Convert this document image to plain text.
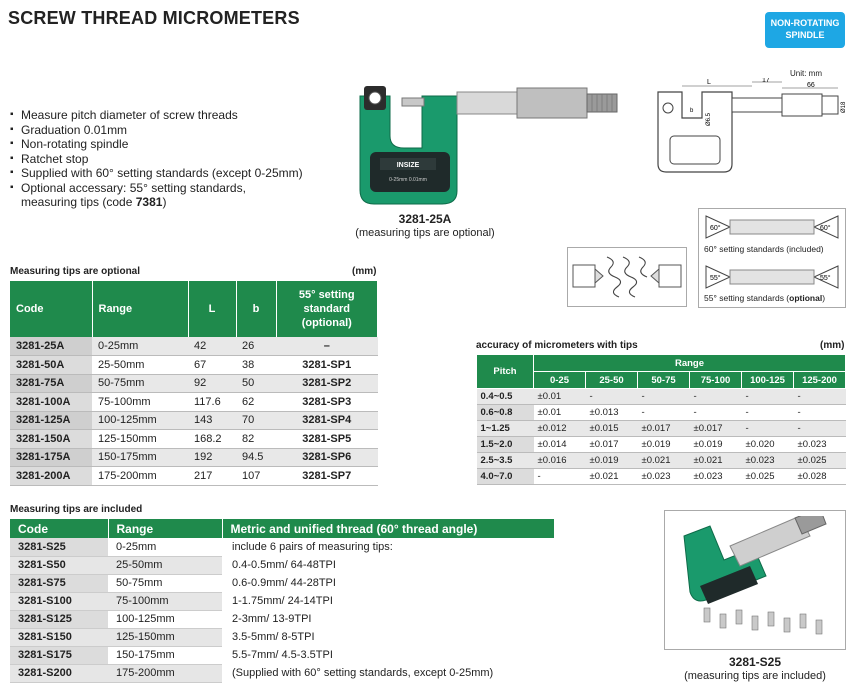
SCREW THREAD MICROMETERS	NON-ROTATING
SPINDLE
Unit: mm
▪ Measure pitch diameter of screw threads
▪ Graduation 0.01mm
▪ Non-rotating spindle
▪ Ratchet stop
▪ Supplied with 60° setting standards (except 0-25mm)
▪ Optional accessary: 55° setting standards,
measuring tips (code 7381)
INSIZE
0-25mm 0.01mm
3281-25A
(measuring tips are optional)
L	17
66
Ø18
b
Ø6.5
60°	60°
60° setting standards (included)
55°	55°
55° setting standards (optional)
Measuring tips are optional	(mm)
Code	Range	L	b	55° setting standard (optional)
3281-25A	0-25mm	42	26	–
3281-50A	25-50mm	67	38	3281-SP1
3281-75A	50-75mm	92	50	3281-SP2
3281-100A	75-100mm	117.6	62	3281-SP3
3281-125A	100-125mm	143	70	3281-SP4
3281-150A	125-150mm	168.2	82	3281-SP5
3281-175A	150-175mm	192	94.5	3281-SP6
3281-200A	175-200mm	217	107	3281-SP7
accuracy of micrometers with tips	(mm)
Pitch	Range					
	0-25	25-50	50-75	75-100	100-125	125-200
0.4~0.5	±0.01	-	-	-	-	-
0.6~0.8	±0.01	±0.013	-	-	-	-
1~1.25	±0.012	±0.015	±0.017	±0.017	-	-
1.5~2.0	±0.014	±0.017	±0.019	±0.019	±0.020	±0.023
2.5~3.5	±0.016	±0.019	±0.021	±0.021	±0.023	±0.025
4.0~7.0	-	±0.021	±0.023	±0.023	±0.025	±0.028
Measuring tips are included
Code	Range	Metric and unified thread (60° thread angle)
3281-S25	0-25mm	include 6 pairs of measuring tips:
3281-S50	25-50mm	0.4-0.5mm/ 64-48TPI
3281-S75	50-75mm	0.6-0.9mm/ 44-28TPI
3281-S100	75-100mm	1-1.75mm/ 24-14TPI
3281-S125	100-125mm	2-3mm/ 13-9TPI
3281-S150	125-150mm	3.5-5mm/ 8-5TPI
3281-S175	150-175mm	5.5-7mm/ 4.5-3.5TPI
3281-S200	175-200mm	(Supplied with 60° setting standards, except 0-25mm)
3281-S25
(measuring tips are included)
